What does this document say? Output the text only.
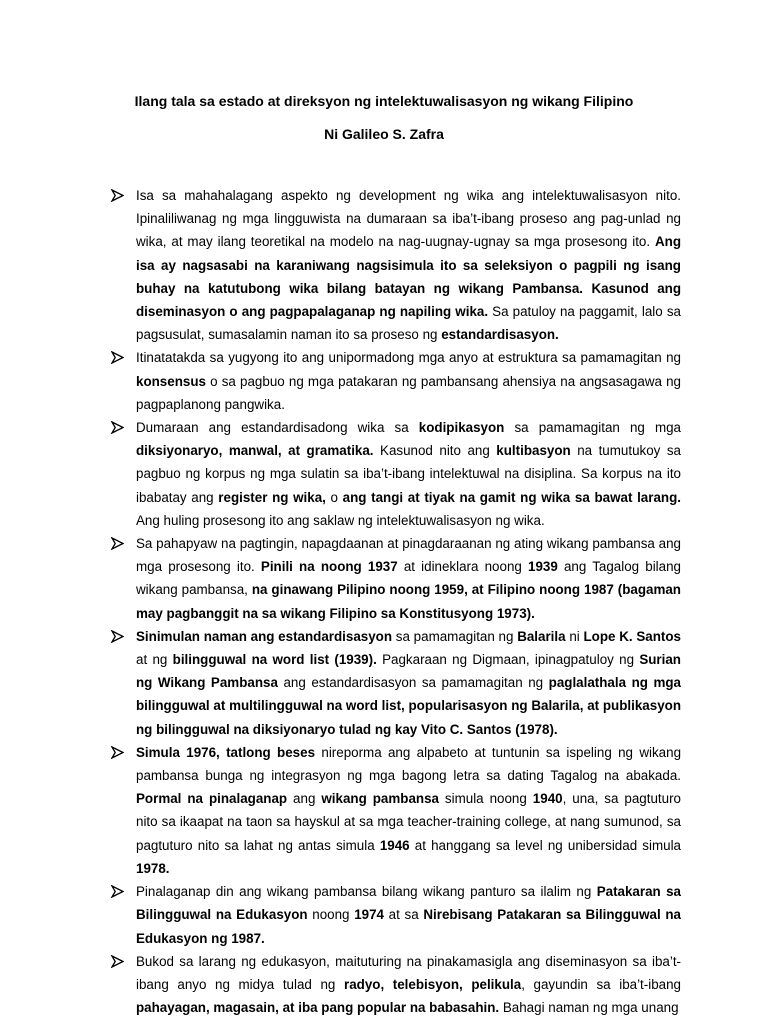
Ilang tala sa estado at direksyon ng intelektuwalisasyon ng wikang Filipino

Ni Galileo S. Zafra

Isa sa mahahalagang aspekto ng development ng wika ang intelektuwalisasyon nito. Ipinaliliwanag ng mga lingguwista na dumaraan sa iba’t-ibang proseso ang pag-unlad ng wika, at may ilang teoretikal na modelo na nag-uugnay-ugnay sa mga prosesong ito. Ang isa ay nagsasabi na karaniwang nagsisimula ito sa seleksiyon o pagpili ng isang buhay na katutubong wika bilang batayan ng wikang Pambansa. Kasunod ang diseminasyon o ang pagpapalaganap ng napiling wika. Sa patuloy na paggamit, lalo sa pagsusulat, sumasalamin naman ito sa proseso ng estandardisasyon.
Itinatatakda sa yugyong ito ang unipormadong mga anyo at estruktura sa pamamagitan ng konsensus o sa pagbuo ng mga patakaran ng pambansang ahensiya na angsasagawa ng pagpaplanong pangwika.
Dumaraan ang estandardisadong wika sa kodipikasyon sa pamamagitan ng mga diksiyonaryo, manwal, at gramatika. Kasunod nito ang kultibasyon na tumutukoy sa pagbuo ng korpus ng mga sulatin sa iba’t-ibang intelektuwal na disiplina. Sa korpus na ito ibabatay ang register ng wika, o ang tangi at tiyak na gamit ng wika sa bawat larang. Ang huling prosesong ito ang saklaw ng intelektuwalisasyon ng wika.
Sa pahapyaw na pagtingin, napagdaanan at pinagdaraanan ng ating wikang pambansa ang mga prosesong ito. Pinili na noong 1937 at idineklara noong 1939 ang Tagalog bilang wikang pambansa, na ginawang Pilipino noong 1959, at Filipino noong 1987 (bagaman may pagbanggit na sa wikang Filipino sa Konstitusyong 1973).
Sinimulan naman ang estandardisasyon sa pamamagitan ng Balarila ni Lope K. Santos at ng bilingguwal na word list (1939). Pagkaraan ng Digmaan, ipinagpatuloy ng Surian ng Wikang Pambansa ang estandardisasyon sa pamamagitan ng paglalathala ng mga bilingguwal at multilingguwal na word list, popularisasyon ng Balarila, at publikasyon ng bilingguwal na diksiyonaryo tulad ng kay Vito C. Santos (1978).
Simula 1976, tatlong beses nireporma ang alpabeto at tuntunin sa ispeling ng wikang pambansa bunga ng integrasyon ng mga bagong letra sa dating Tagalog na abakada. Pormal na pinalaganap ang wikang pambansa simula noong 1940, una, sa pagtuturo nito sa ikaapat na taon sa hayskul at sa mga teacher-training college, at nang sumunod, sa pagtuturo nito sa lahat ng antas simula 1946 at hanggang sa level ng unibersidad simula 1978.
Pinalaganap din ang wikang pambansa bilang wikang panturo sa ilalim ng Patakaran sa Bilingguwal na Edukasyon noong 1974 at sa Nirebisang Patakaran sa Bilingguwal na Edukasyon ng 1987.
Bukod sa larang ng edukasyon, maituturing na pinakamasigla ang diseminasyon sa iba’t-ibang anyo ng midya tulad ng radyo, telebisyon, pelikula, gayundin sa iba’t-ibang pahayagan, magasain, at iba pang popular na babasahin. Bahagi naman ng mga unang
